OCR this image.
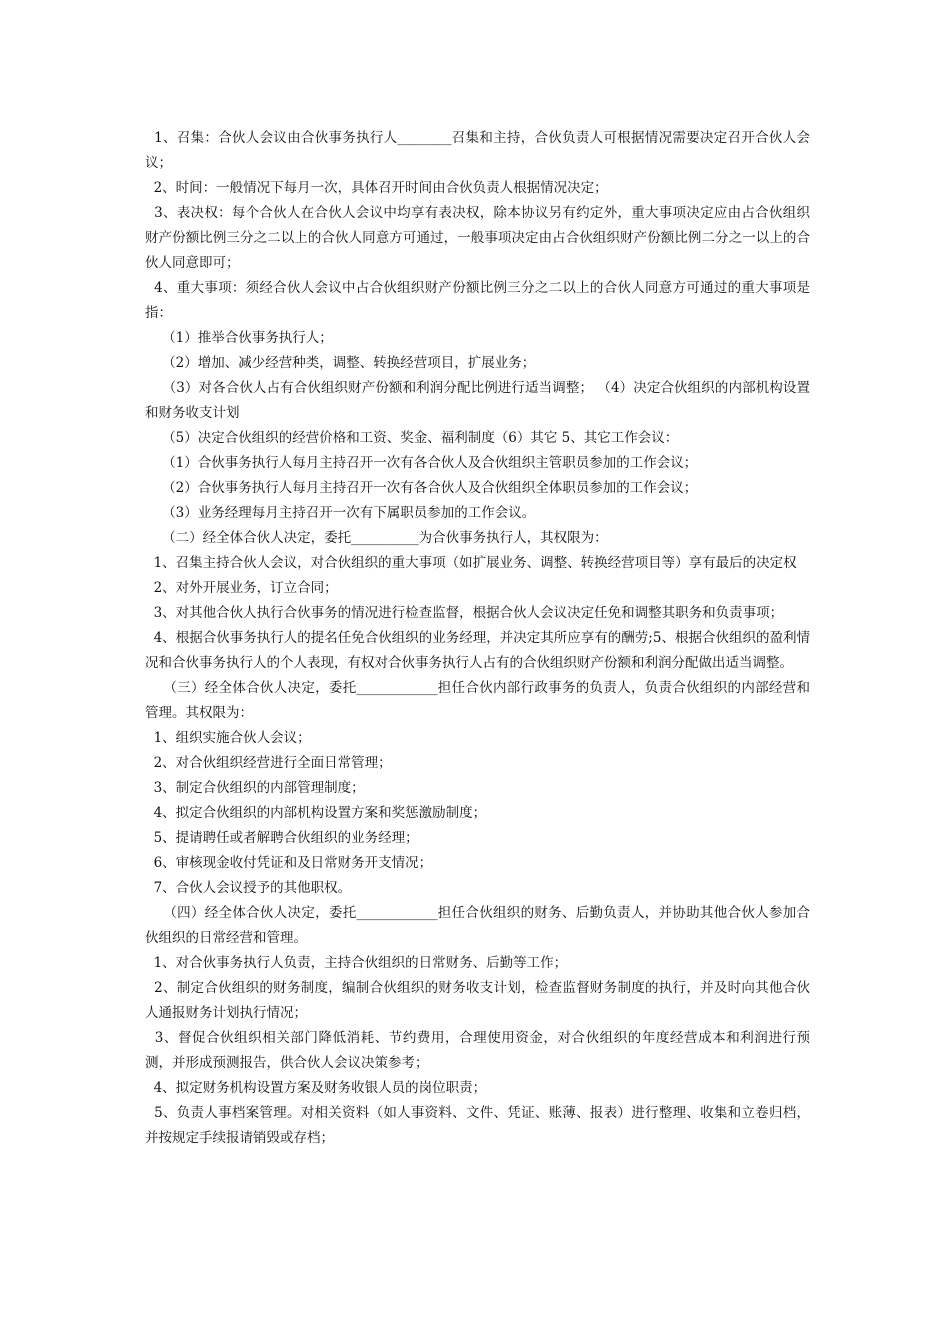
1、召集：合伙人会议由合伙事务执行人________召集和主持，合伙负责人可根据情况需要决定召开合伙人会议；

2、时间：一般情况下每月一次，具体召开时间由合伙负责人根据情况决定；

3、表决权：每个合伙人在合伙人会议中均享有表决权，除本协议另有约定外，重大事项决定应由占合伙组织财产份额比例三分之二以上的合伙人同意方可通过，一般事项决定由占合伙组织财产份额比例二分之一以上的合伙人同意即可；

4、重大事项：须经合伙人会议中占合伙组织财产份额比例三分之二以上的合伙人同意方可通过的重大事项是指：

（1）推举合伙事务执行人；

（2）增加、减少经营种类，调整、转换经营项目，扩展业务；

（3）对各合伙人占有合伙组织财产份额和利润分配比例进行适当调整； （4）决定合伙组织的内部机构设置和财务收支计划

（5）决定合伙组织的经营价格和工资、奖金、福利制度（6）其它 5、其它工作会议：

（1）合伙事务执行人每月主持召开一次有各合伙人及合伙组织主管职员参加的工作会议；

（2）合伙事务执行人每月主持召开一次有各合伙人及合伙组织全体职员参加的工作会议；

（3）业务经理每月主持召开一次有下属职员参加的工作会议。

（二）经全体合伙人决定，委托__________为合伙事务执行人，其权限为：

1、召集主持合伙人会议，对合伙组织的重大事项（如扩展业务、调整、转换经营项目等）享有最后的决定权

2、对外开展业务，订立合同；

3、对其他合伙人执行合伙事务的情况进行检查监督，根据合伙人会议决定任免和调整其职务和负责事项；

4、根据合伙事务执行人的提名任免合伙组织的业务经理，并决定其所应享有的酬劳;5、根据合伙组织的盈利情况和合伙事务执行人的个人表现，有权对合伙事务执行人占有的合伙组织财产份额和利润分配做出适当调整。

（三）经全体合伙人决定，委托____________担任合伙内部行政事务的负责人，负责合伙组织的内部经营和管理。其权限为：

1、组织实施合伙人会议；

2、对合伙组织经营进行全面日常管理；

3、制定合伙组织的内部管理制度；

4、拟定合伙组织的内部机构设置方案和奖惩激励制度；

5、提请聘任或者解聘合伙组织的业务经理；

6、审核现金收付凭证和及日常财务开支情况；

7、合伙人会议授予的其他职权。

（四）经全体合伙人决定，委托____________担任合伙组织的财务、后勤负责人，并协助其他合伙人参加合伙组织的日常经营和管理。

1、对合伙事务执行人负责，主持合伙组织的日常财务、后勤等工作；

2、制定合伙组织的财务制度，编制合伙组织的财务收支计划，检查监督财务制度的执行，并及时向其他合伙人通报财务计划执行情况；

3、督促合伙组织相关部门降低消耗、节约费用，合理使用资金，对合伙组织的年度经营成本和利润进行预测，并形成预测报告，供合伙人会议决策参考；

4、拟定财务机构设置方案及财务收银人员的岗位职责；

5、负责人事档案管理。对相关资料（如人事资料、文件、凭证、账薄、报表）进行整理、收集和立卷归档，并按规定手续报请销毁或存档；
